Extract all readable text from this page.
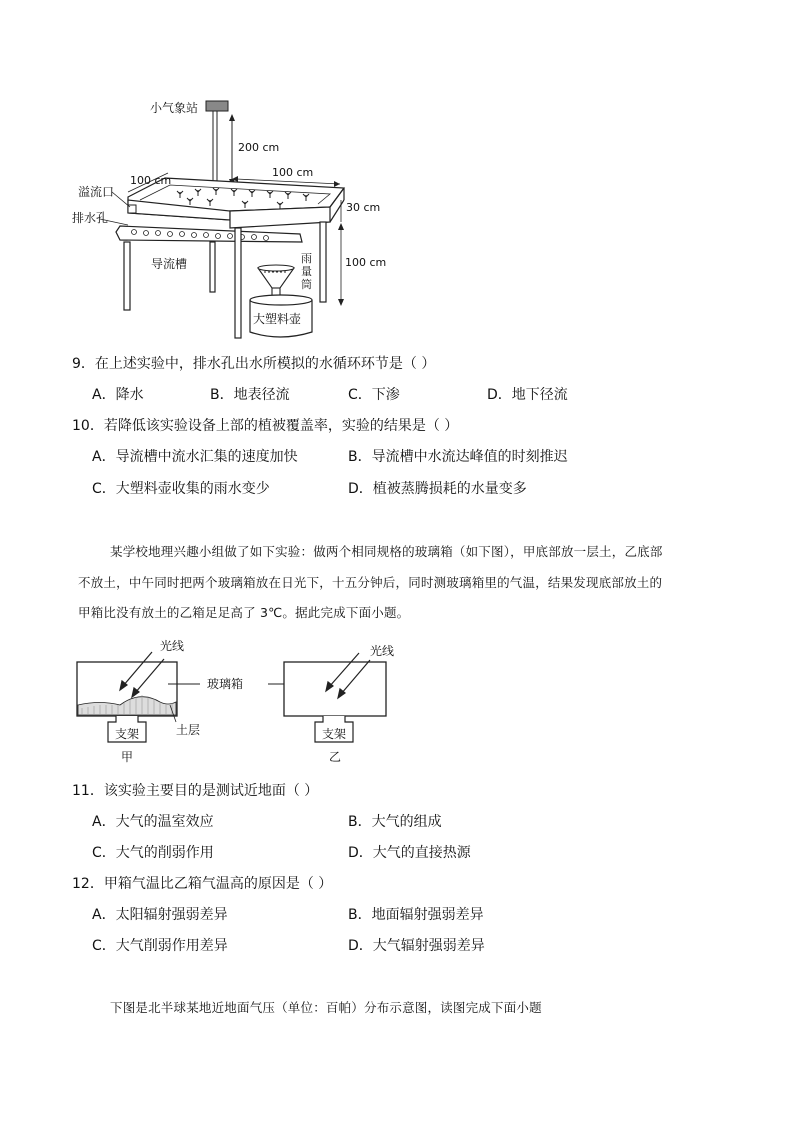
小气象站
200 cm
100 cm
100 cm
30 cm
100 cm
溢流口
排水孔
导流槽	雨
量
筒
大塑料壶
9．在上述实验中，排水孔出水所模拟的水循环环节是（ ）
A．降水	B．地表径流	C．下渗	D．地下径流
10．若降低该实验设备上部的植被覆盖率，实验的结果是（ ）
A．导流槽中流水汇集的速度加快	B．导流槽中水流达峰值的时刻推迟
C．大塑料壶收集的雨水变少	D．植被蒸腾损耗的水量变多
某学校地理兴趣小组做了如下实验：做两个相同规格的玻璃箱（如下图），甲底部放一层土，乙底部
不放土，中午同时把两个玻璃箱放在日光下，十五分钟后，同时测玻璃箱里的气温，结果发现底部放土的
甲箱比没有放土的乙箱足足高了 3℃。据此完成下面小题。
光线
支架
甲
土层
玻璃箱
光线
支架
乙
11．该实验主要目的是测试近地面（ ）
A．大气的温室效应	B．大气的组成
C．大气的削弱作用	D．大气的直接热源
12．甲箱气温比乙箱气温高的原因是（ ）
A．太阳辐射强弱差异	B．地面辐射强弱差异
C．大气削弱作用差异	D．大气辐射强弱差异
下图是北半球某地近地面气压（单位：百帕）分布示意图，读图完成下面小题
